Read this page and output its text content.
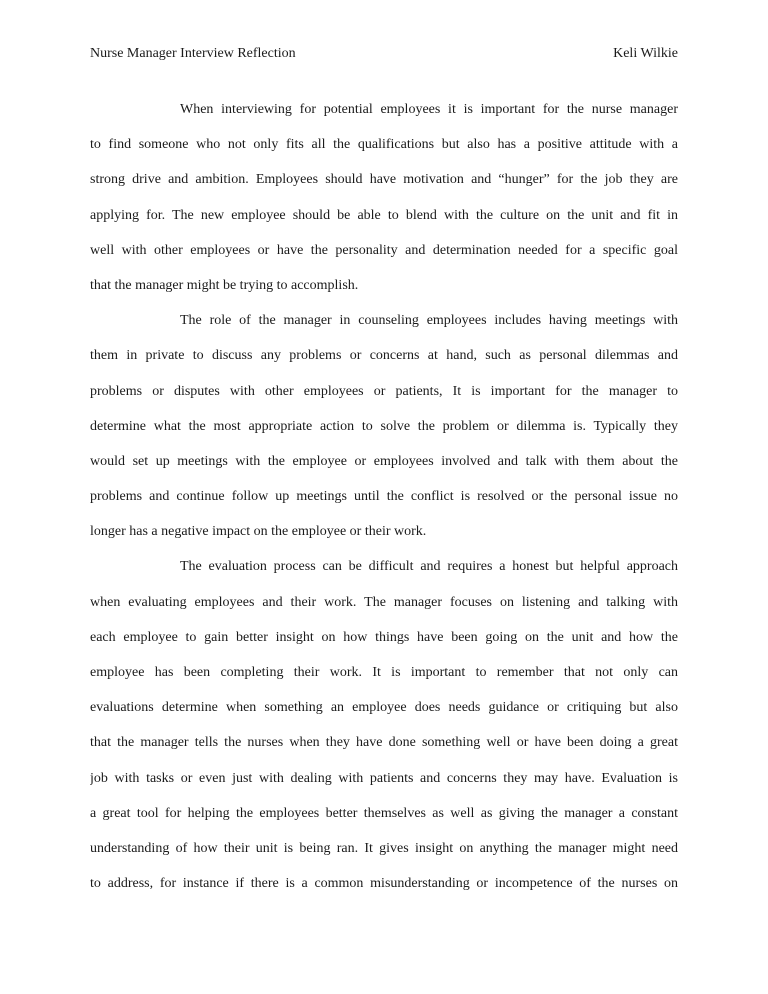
Nurse Manager Interview Reflection	Keli Wilkie
When interviewing for potential employees it is important for the nurse manager
to find someone who not only fits all the qualifications but also has a positive attitude with a
strong drive and ambition. Employees should have motivation and “hunger” for the job they are
applying for. The new employee should be able to blend with the culture on the unit and fit in
well with other employees or have the personality and determination needed for a specific goal
that the manager might be trying to accomplish.
The role of the manager in counseling employees includes having meetings with
them in private to discuss any problems or concerns at hand, such as personal dilemmas and
problems or disputes with other employees or patients, It is important for the manager to
determine what the most appropriate action to solve the problem or dilemma is. Typically they
would set up meetings with the employee or employees involved and talk with them about the
problems and continue follow up meetings until the conflict is resolved or the personal issue no
longer has a negative impact on the employee or their work.
The evaluation process can be difficult and requires a honest but helpful approach
when evaluating employees and their work. The manager focuses on listening and talking with
each employee to gain better insight on how things have been going on the unit and how the
employee has been completing their work. It is important to remember that not only can
evaluations determine when something an employee does needs guidance or critiquing but also
that the manager tells the nurses when they have done something well or have been doing a great
job with tasks or even just with dealing with patients and concerns they may have. Evaluation is
a great tool for helping the employees better themselves as well as giving the manager a constant
understanding of how their unit is being ran. It gives insight on anything the manager might need
to address, for instance if there is a common misunderstanding or incompetence of the nurses on
